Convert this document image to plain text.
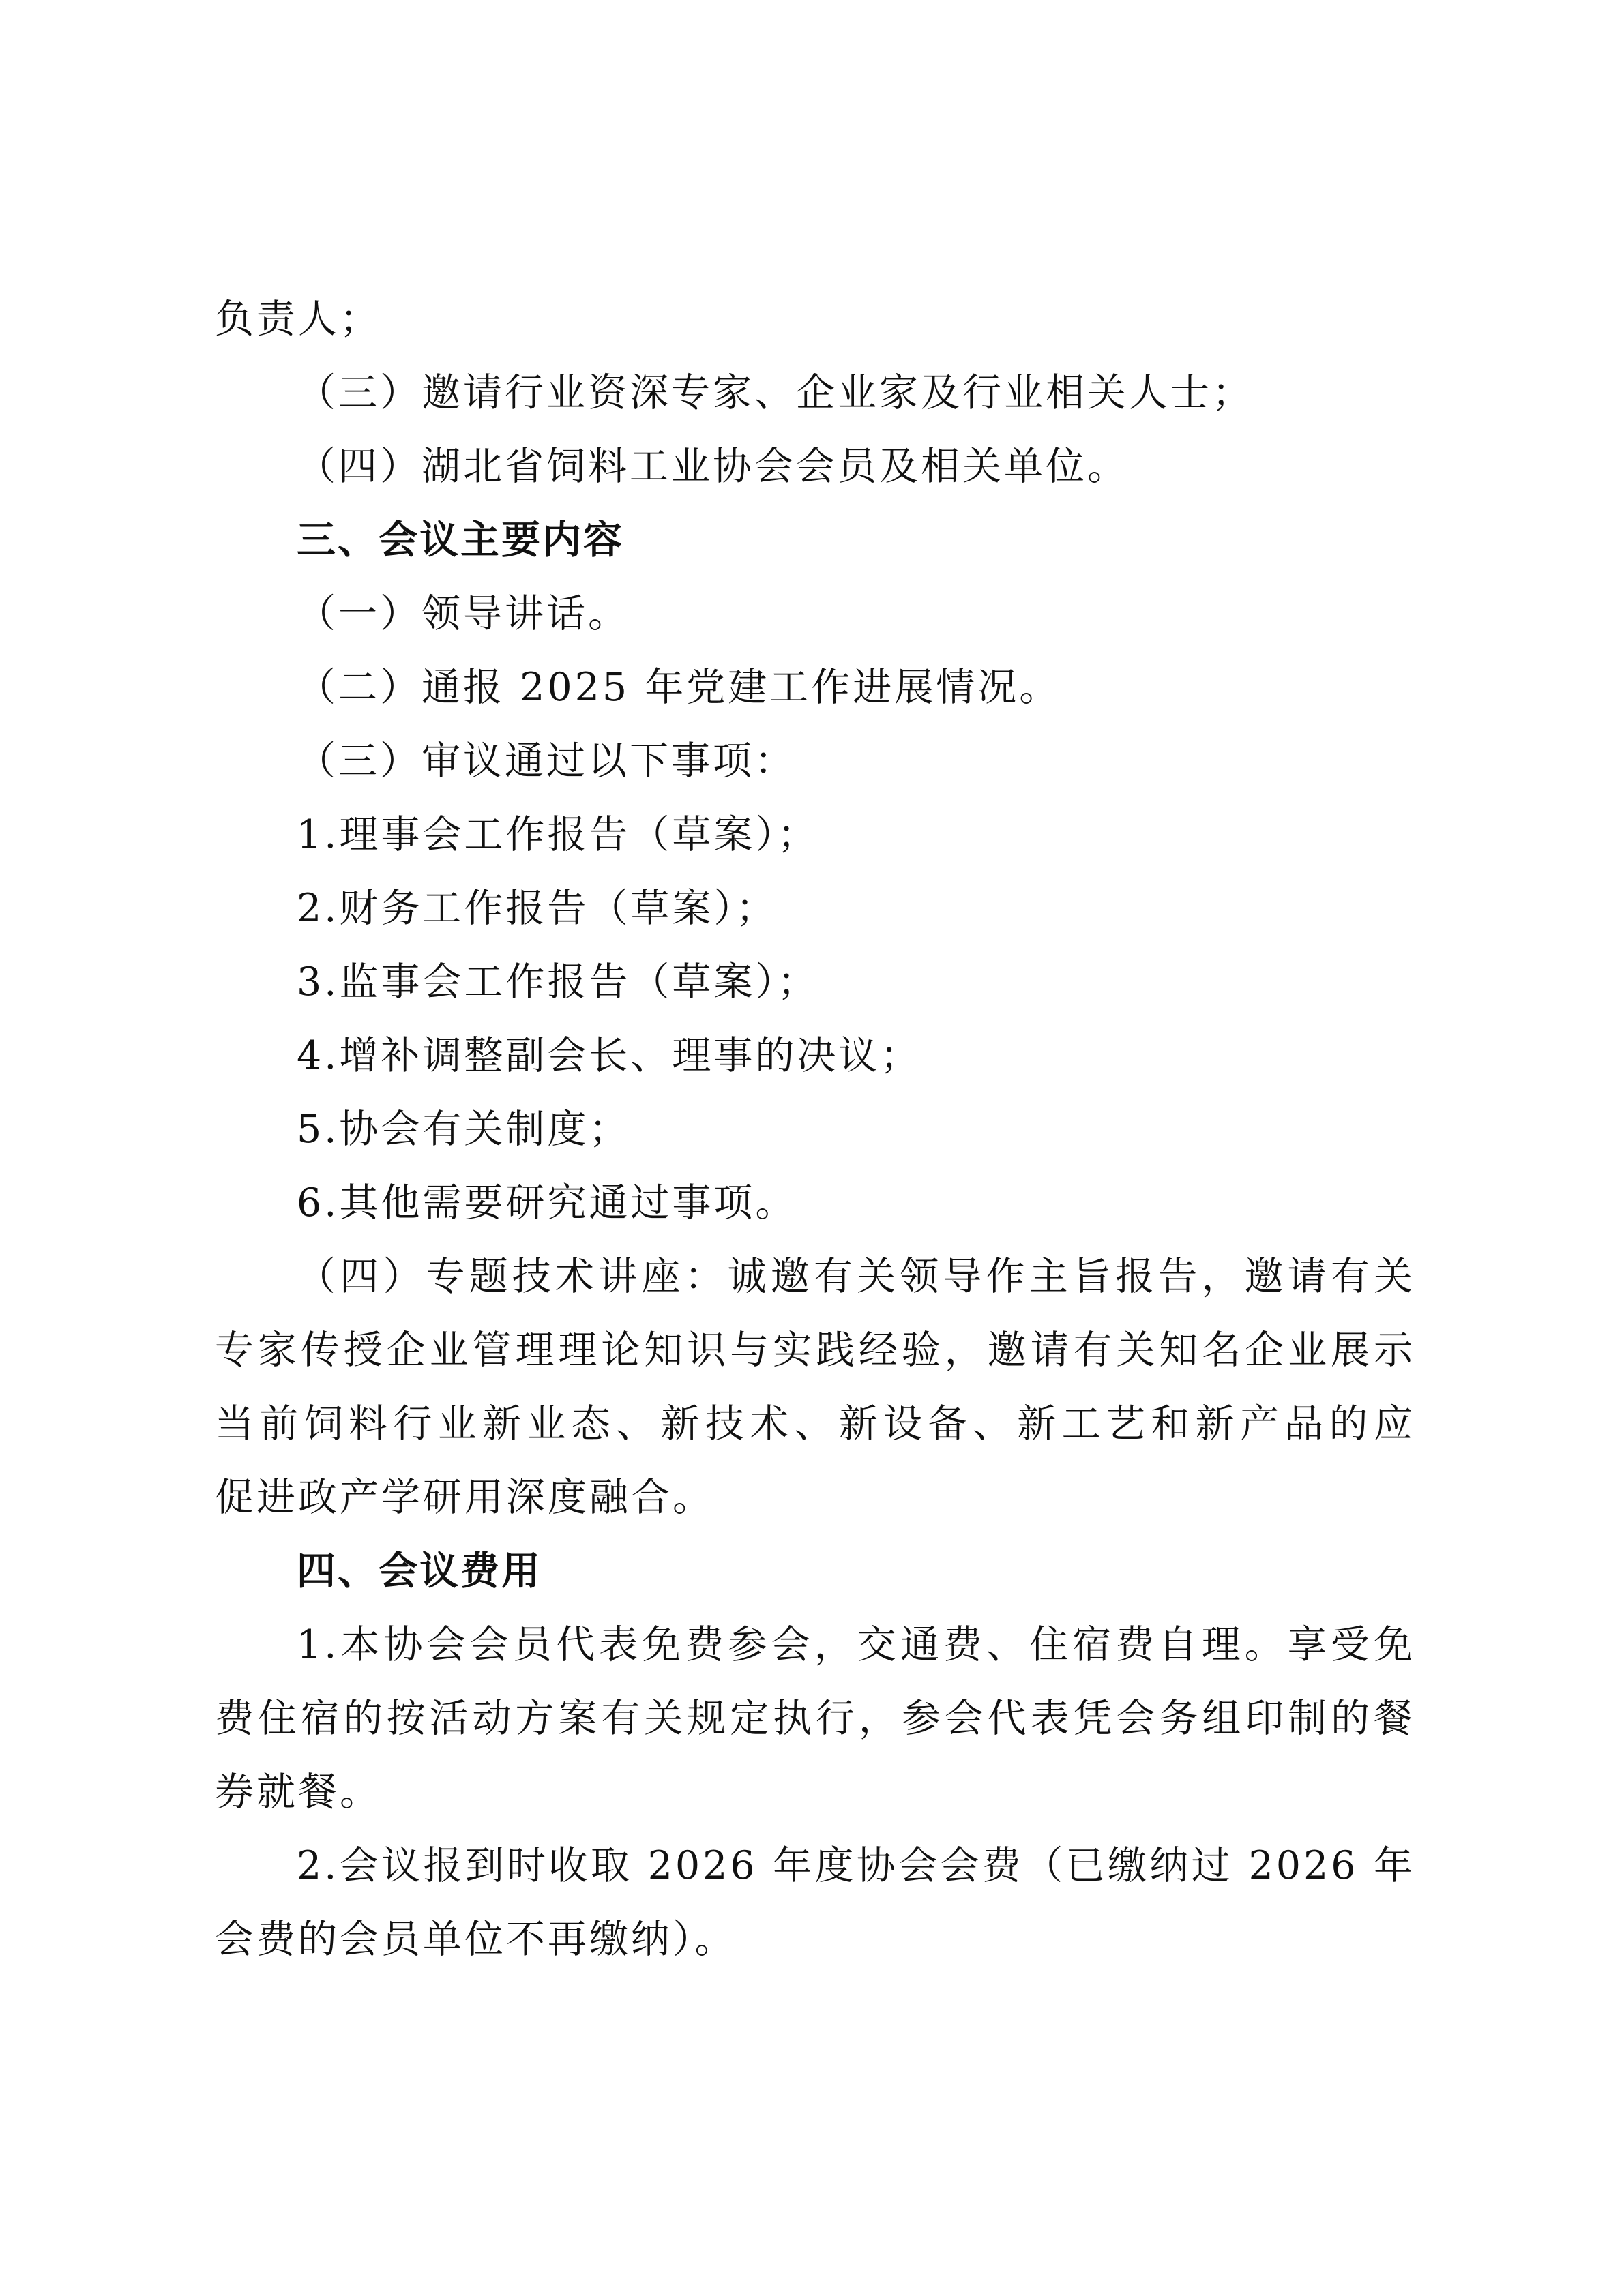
负责人；
（三）邀请行业资深专家、企业家及行业相关人士；
（四）湖北省饲料工业协会会员及相关单位。
三、会议主要内容
（一）领导讲话。
（二）通报 2025 年党建工作进展情况。
（三）审议通过以下事项：
1.理事会工作报告（草案）；
2.财务工作报告（草案）；
3.监事会工作报告（草案）；
4.增补调整副会长、理事的决议；
5.协会有关制度；
6.其他需要研究通过事项。
（四）专题技术讲座：诚邀有关领导作主旨报告，邀请有关
专家传授企业管理理论知识与实践经验，邀请有关知名企业展示
当前饲料行业新业态、新技术、新设备、新工艺和新产品的应
促进政产学研用深度融合。
四、会议费用
1.本协会会员代表免费参会，交通费、住宿费自理。享受免
费住宿的按活动方案有关规定执行，参会代表凭会务组印制的餐
券就餐。
2.会议报到时收取 2026 年度协会会费（已缴纳过 2026 年
会费的会员单位不再缴纳）。
